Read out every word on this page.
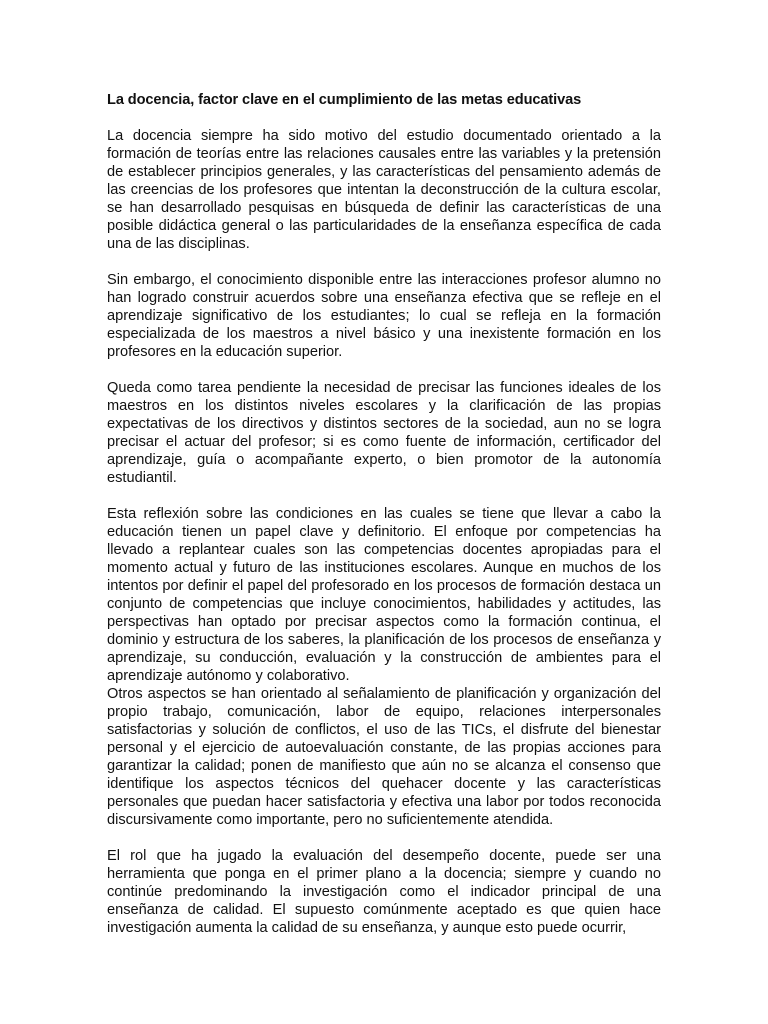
La docencia, factor clave en el cumplimiento de las metas educativas

La docencia siempre ha sido motivo del estudio documentado orientado a la formación de teorías entre las relaciones causales entre las variables y la pretensión de establecer principios generales, y las características del pensamiento además de las creencias de los profesores que intentan la deconstrucción de la cultura escolar, se han desarrollado pesquisas en búsqueda de definir las características de una posible didáctica general o las particularidades de la enseñanza específica de cada una de las disciplinas.

Sin embargo, el conocimiento disponible entre las interacciones profesor alumno no han logrado construir acuerdos sobre una enseñanza efectiva que se refleje en el aprendizaje significativo de los estudiantes; lo cual se refleja en la formación especializada de los maestros a nivel básico y una inexistente formación en los profesores en la educación superior.

Queda como tarea pendiente la necesidad de precisar las funciones ideales de los maestros en los distintos niveles escolares y la clarificación de las propias expectativas de los directivos y distintos sectores de la sociedad, aun no se logra precisar el actuar del profesor; si es como fuente de información, certificador del aprendizaje, guía o acompañante experto, o bien promotor de la autonomía estudiantil.

Esta reflexión sobre las condiciones en las cuales se tiene que llevar a cabo la educación tienen un papel clave y definitorio. El enfoque por competencias ha llevado a replantear cuales son las competencias docentes apropiadas para el momento actual y futuro de las instituciones escolares. Aunque en muchos de los intentos por definir el papel del profesorado en los procesos de formación destaca un conjunto de competencias que incluye conocimientos, habilidades y actitudes, las perspectivas han optado por precisar aspectos como la formación continua, el dominio y estructura de los saberes, la planificación de los procesos de enseñanza y aprendizaje, su conducción, evaluación y la construcción de ambientes para el aprendizaje autónomo y colaborativo.

Otros aspectos se han orientado al señalamiento de planificación y organización del propio trabajo, comunicación, labor de equipo, relaciones interpersonales satisfactorias y solución de conflictos, el uso de las TICs, el disfrute del bienestar personal y el ejercicio de autoevaluación constante, de las propias acciones para garantizar la calidad; ponen de manifiesto que aún no se alcanza el consenso que identifique los aspectos técnicos del quehacer docente y las características personales que puedan hacer satisfactoria y efectiva una labor por todos reconocida discursivamente como importante, pero no suficientemente atendida.

El rol que ha jugado la evaluación del desempeño docente, puede ser una herramienta que ponga en el primer plano a la docencia; siempre y cuando no continúe predominando la investigación como el indicador principal de una enseñanza de calidad. El supuesto comúnmente aceptado es que quien hace investigación aumenta la calidad de su enseñanza, y aunque esto puede ocurrir,
